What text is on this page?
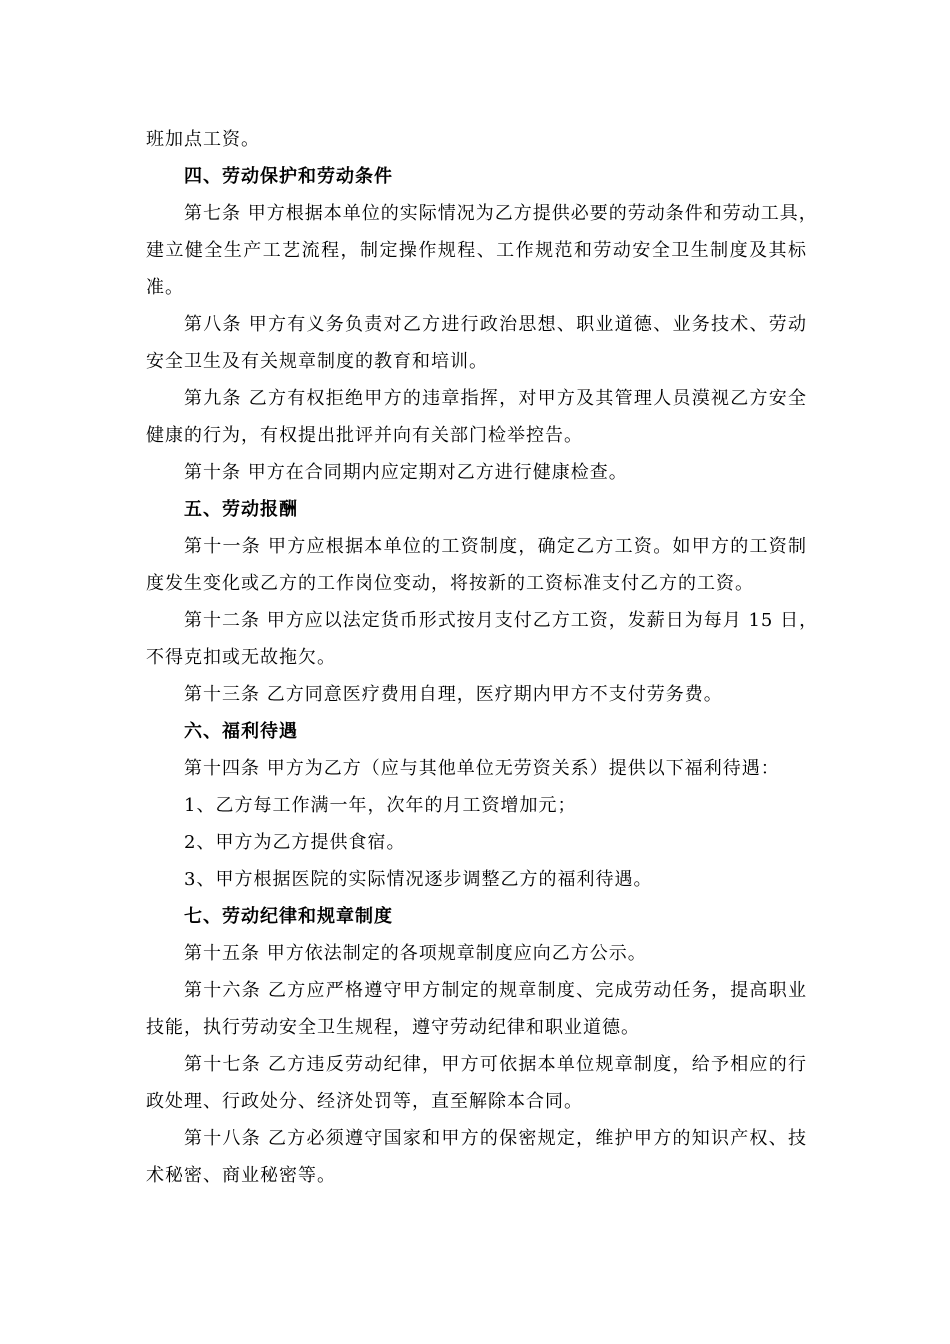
班加点工资。
四、劳动保护和劳动条件
第七条 甲方根据本单位的实际情况为乙方提供必要的劳动条件和劳动工具，
建立健全生产工艺流程，制定操作规程、工作规范和劳动安全卫生制度及其标
准。
第八条 甲方有义务负责对乙方进行政治思想、职业道德、业务技术、劳动
安全卫生及有关规章制度的教育和培训。
第九条 乙方有权拒绝甲方的违章指挥，对甲方及其管理人员漠视乙方安全
健康的行为，有权提出批评并向有关部门检举控告。
第十条 甲方在合同期内应定期对乙方进行健康检查。
五、劳动报酬
第十一条 甲方应根据本单位的工资制度，确定乙方工资。如甲方的工资制
度发生变化或乙方的工作岗位变动，将按新的工资标准支付乙方的工资。
第十二条 甲方应以法定货币形式按月支付乙方工资，发薪日为每月 15 日，
不得克扣或无故拖欠。
第十三条 乙方同意医疗费用自理，医疗期内甲方不支付劳务费。
六、福利待遇
第十四条 甲方为乙方（应与其他单位无劳资关系）提供以下福利待遇：
1、乙方每工作满一年，次年的月工资增加元；
2、甲方为乙方提供食宿。
3、甲方根据医院的实际情况逐步调整乙方的福利待遇。
七、劳动纪律和规章制度
第十五条 甲方依法制定的各项规章制度应向乙方公示。
第十六条 乙方应严格遵守甲方制定的规章制度、完成劳动任务，提高职业
技能，执行劳动安全卫生规程，遵守劳动纪律和职业道德。
第十七条 乙方违反劳动纪律，甲方可依据本单位规章制度，给予相应的行
政处理、行政处分、经济处罚等，直至解除本合同。
第十八条 乙方必须遵守国家和甲方的保密规定，维护甲方的知识产权、技
术秘密、商业秘密等。
